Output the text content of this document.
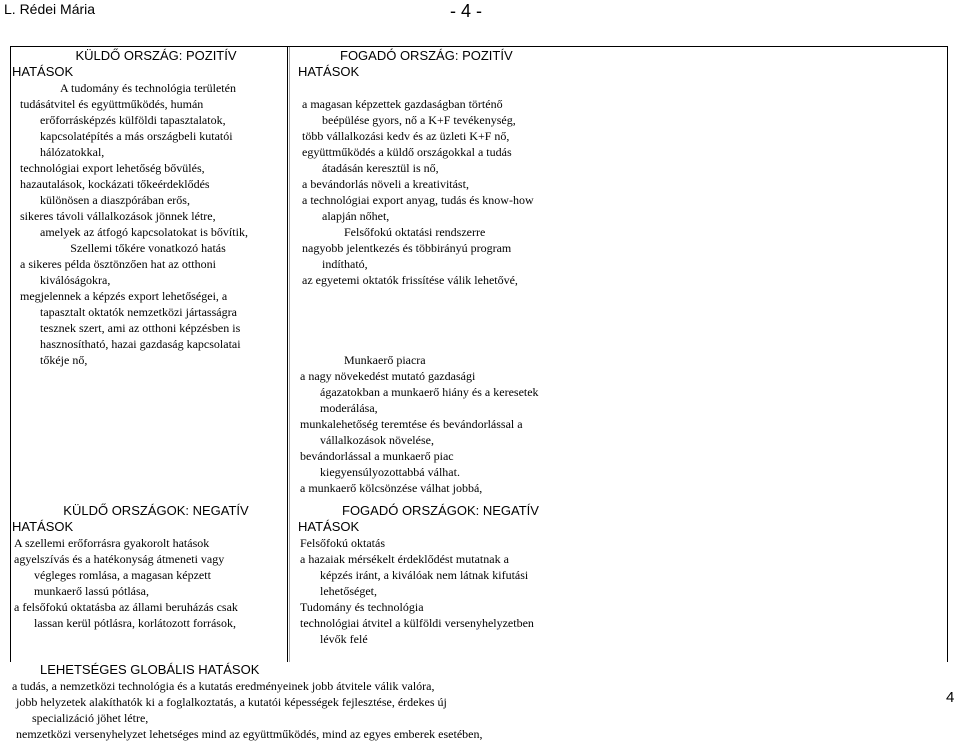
L. Rédei Mária	- 4 -
4
KÜLDŐ ORSZÁG: POZITÍV
HATÁSOK
A tudomány és technológia területén
tudásátvitel és együttműködés, humán
erőforrásképzés külföldi tapasztalatok,
kapcsolatépítés a más országbeli kutatói
hálózatokkal,
technológiai export lehetőség bővülés,
hazautalások, kockázati tőkeérdeklődés
különösen a diaszpórában erős,
sikeres távoli vállalkozások jönnek létre,
amelyek az átfogó kapcsolatokat is bővítik,
Szellemi tőkére vonatkozó hatás
a sikeres példa ösztönzően hat az otthoni
kiválóságokra,
megjelennek a képzés export lehetőségei, a
tapasztalt oktatók nemzetközi jártasságra
tesznek szert, ami az otthoni képzésben is
hasznosítható, hazai gazdaság kapcsolatai
tőkéje nő,
FOGADÓ ORSZÁG: POZITÍV
HATÁSOK

a magasan képzettek gazdaságban történő
beépülése gyors, nő a K+F tevékenység,
több vállalkozási kedv és az üzleti K+F nő,
együttműködés a küldő országokkal a tudás
átadásán keresztül is nő,
a bevándorlás növeli a kreativitást,
a technológiai export anyag, tudás és know-how
alapján nőhet,
Felsőfokú oktatási rendszerre
nagyobb jelentkezés és többirányú program
indítható,
az egyetemi oktatók frissítése válik lehetővé,

Munkaerő piacra
a nagy növekedést mutató gazdasági
ágazatokban a munkaerő hiány és a keresetek
moderálása,
munkalehetőség teremtése és bevándorlással a
vállalkozások növelése,
bevándorlással a munkaerő piac
kiegyensúlyozottabbá válhat.
a munkaerő kölcsönzése válhat jobbá,
KÜLDŐ ORSZÁGOK: NEGATÍV
HATÁSOK
A szellemi erőforrásra gyakorolt hatások
agyelszívás és a hatékonyság átmeneti vagy
végleges romlása, a magasan képzett
munkaerő lassú pótlása,
a felsőfokú oktatásba az állami beruházás csak
lassan kerül pótlásra, korlátozott források,
FOGADÓ ORSZÁGOK: NEGATÍV
HATÁSOK
Felsőfokú oktatás
a hazaiak mérsékelt érdeklődést mutatnak a
képzés iránt, a kiválóak nem látnak kifutási
lehetőséget,
Tudomány és technológia
technológiai átvitel a külföldi versenyhelyzetben
lévők felé
LEHETSÉGES GLOBÁLIS HATÁSOK
a tudás, a nemzetközi technológia és a kutatás eredményeinek jobb átvitele válik valóra,
jobb helyzetek alakíthatók ki a foglalkoztatás, a kutatói képességek fejlesztése, érdekes új
specializáció jöhet létre,
nemzetközi versenyhelyzet lehetséges mind az együttműködés, mind az egyes emberek esetében,
